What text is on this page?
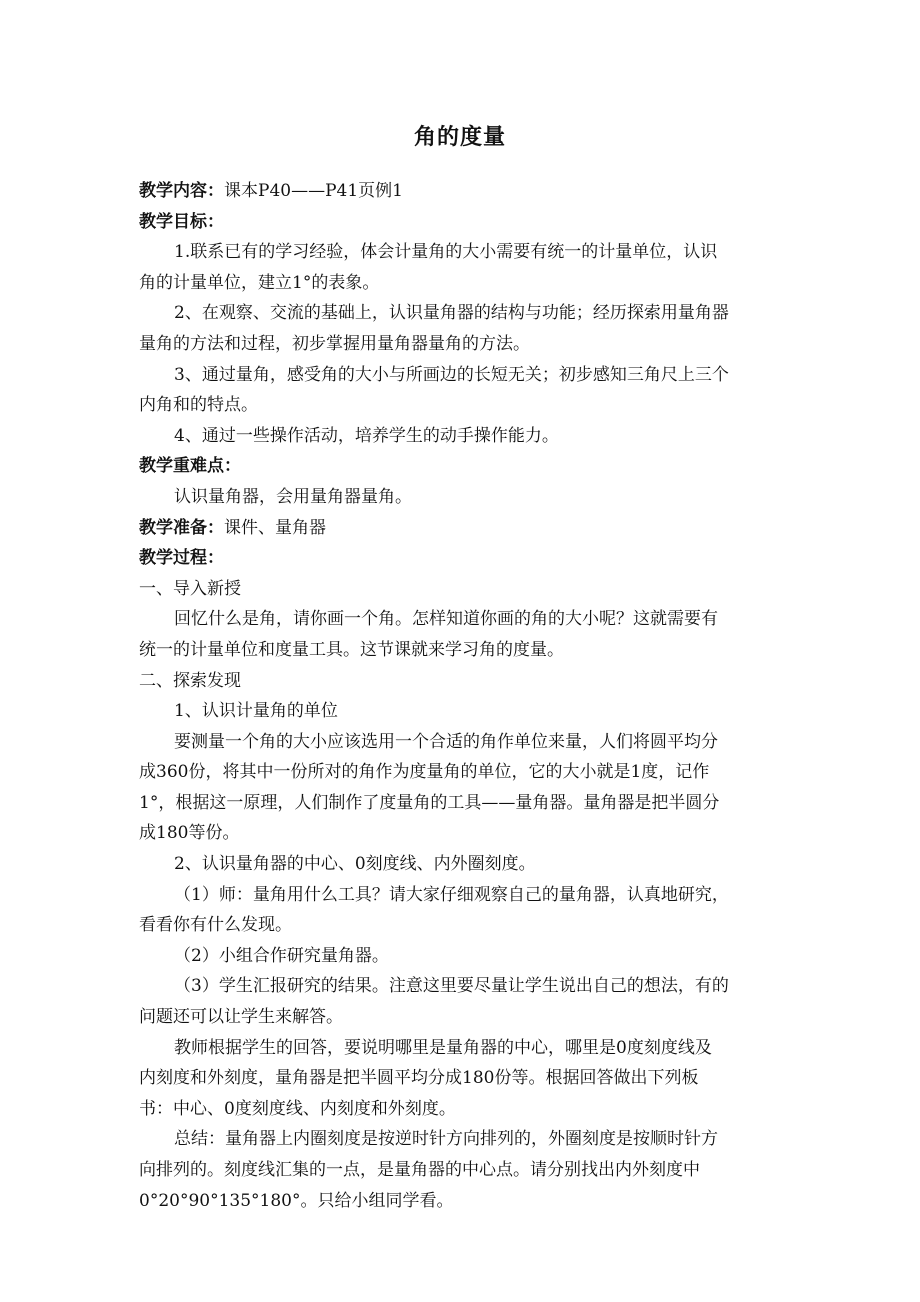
角的度量
教学内容：课本P40——P41页例1
教学目标：
1.联系已有的学习经验，体会计量角的大小需要有统一的计量单位，认识
角的计量单位，建立1°的表象。
2、在观察、交流的基础上，认识量角器的结构与功能；经历探索用量角器
量角的方法和过程，初步掌握用量角器量角的方法。
3、通过量角，感受角的大小与所画边的长短无关；初步感知三角尺上三个
内角和的特点。
4、通过一些操作活动，培养学生的动手操作能力。
教学重难点：
认识量角器，会用量角器量角。
教学准备：课件、量角器
教学过程：
一、导入新授
回忆什么是角，请你画一个角。怎样知道你画的角的大小呢？这就需要有
统一的计量单位和度量工具。这节课就来学习角的度量。
二、探索发现
1、认识计量角的单位
要测量一个角的大小应该选用一个合适的角作单位来量，人们将圆平均分
成360份，将其中一份所对的角作为度量角的单位，它的大小就是1度，记作
1°，根据这一原理，人们制作了度量角的工具——量角器。量角器是把半圆分
成180等份。
2、认识量角器的中心、0刻度线、内外圈刻度。
（1）师：量角用什么工具？请大家仔细观察自己的量角器，认真地研究，
看看你有什么发现。
（2）小组合作研究量角器。
（3）学生汇报研究的结果。注意这里要尽量让学生说出自己的想法，有的
问题还可以让学生来解答。
教师根据学生的回答，要说明哪里是量角器的中心，哪里是0度刻度线及
内刻度和外刻度，量角器是把半圆平均分成180份等。根据回答做出下列板
书：中心、0度刻度线、内刻度和外刻度。
总结：量角器上内圈刻度是按逆时针方向排列的，外圈刻度是按顺时针方
向排列的。刻度线汇集的一点，是量角器的中心点。请分别找出内外刻度中
0°20°90°135°180°。只给小组同学看。
